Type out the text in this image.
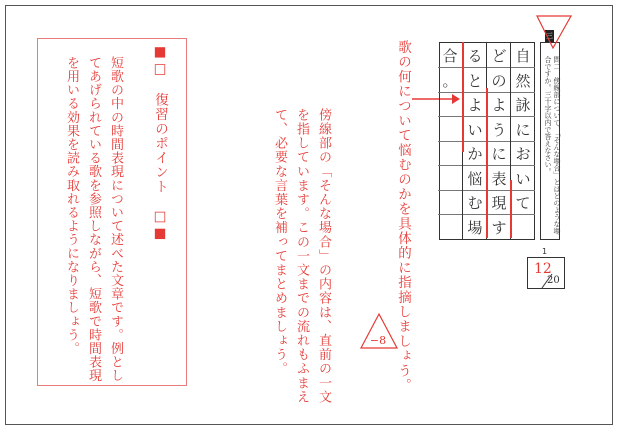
■□　復習のポイント　□■
短歌の中の時間表現について述べた文章です。例としてあげられている歌を参照しながら、短歌で時間表現を用いる効果を読み取れるようになりましょう。	傍線部の「そんな場合」の内容は、直前の一文を指しています。この一文までの流れもふまえて、必要な言葉を補ってまとめましょう。	歌の何について悩むのかを具体的に指摘しましょう。
−8
自
然
詠
に
お
い
て
ど
の
よ
う
に
表
現
す
る
と
よ
い
か
悩
む
場
合
。
三
問二　傍線部について、「そんな場合」とはどのような場合ですか。三十字以内で答えなさい。
1
12
20
